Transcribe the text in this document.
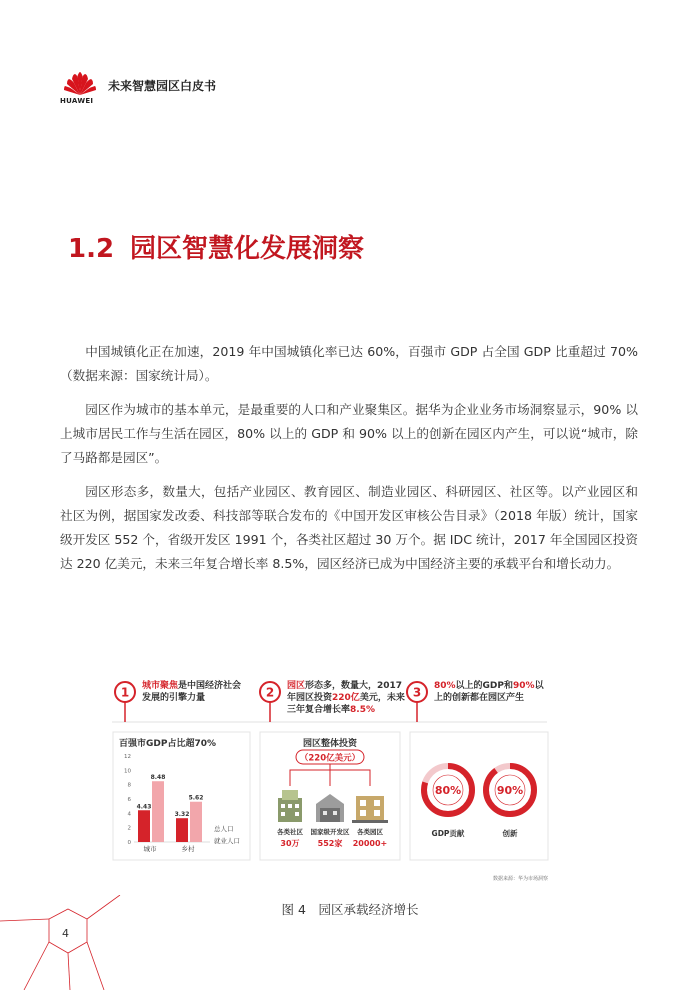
HUAWEI
未来智慧园区白皮书
1.2 园区智慧化发展洞察

中国城镇化正在加速，2019 年中国城镇化率已达 60%，百强市 GDP 占全国 GDP 比重超过 70%（数据来源：国家统计局）。

园区作为城市的基本单元，是最重要的人口和产业聚集区。据华为企业业务市场洞察显示，90% 以上城市居民工作与生活在园区，80% 以上的 GDP 和 90% 以上的创新在园区内产生，可以说“城市，除了马路都是园区”。

园区形态多，数量大，包括产业园区、教育园区、制造业园区、科研园区、社区等。以产业园区和社区为例，据国家发改委、科技部等联合发布的《中国开发区审核公告目录》（2018 年版）统计，国家级开发区 552 个，省级开发区 1991 个，各类社区超过 30 万个。据 IDC 统计，2017 年全国园区投资达 220 亿美元，未来三年复合增长率 8.5%，园区经济已成为中国经济主要的承载平台和增长动力。

1	2	3
百强市GDP占比超70%
0
2
4
6
8
10
12
4.43
8.48
城市
3.32
5.62
乡村
总人口
就业人口
园区整体投资
（220亿美元）
各类社区
30万
国家级开发区
552家
各类园区
20000+
GDP贡献	创新
80%	90%
数据来源：华为市场洞察
城市聚焦是中国经济社会发展的引擎力量
园区形态多，数量大，2017年园区投资220亿美元，未来三年复合增长率8.5%
80%以上的GDP和90%以上的创新都在园区产生
图 4　园区承载经济增长
4
